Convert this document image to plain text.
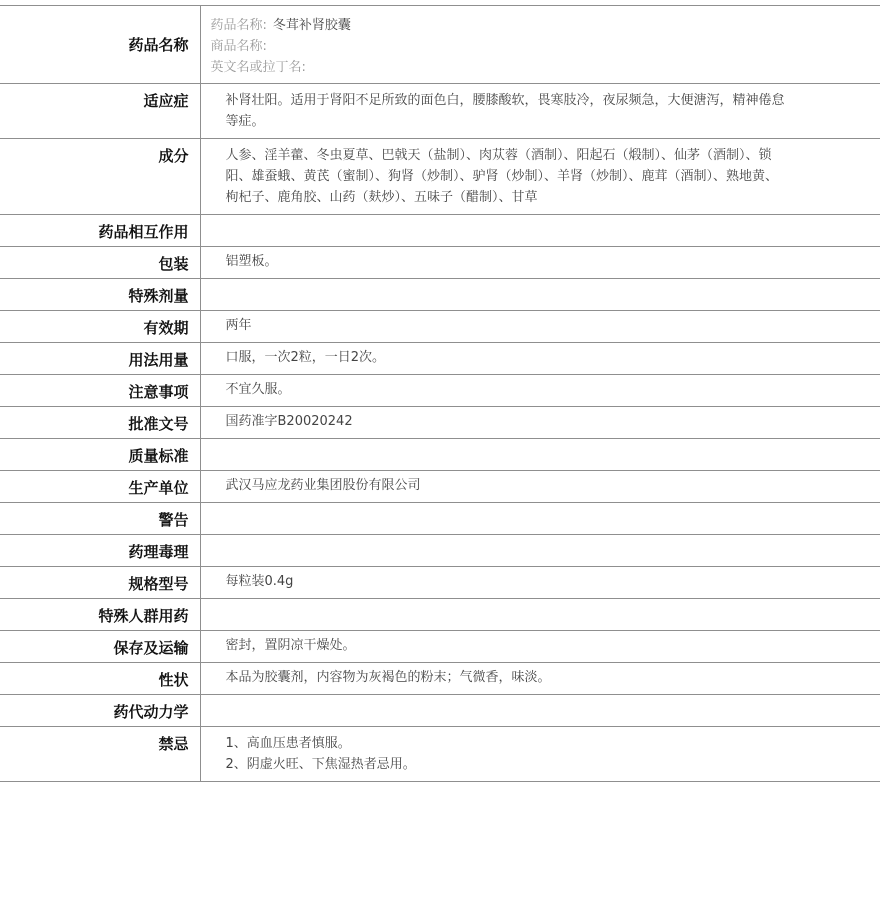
药品名称	药品名称: 冬茸补肾胶囊
商品名称:
英文名或拉丁名:

适应症	补肾壮阳。适用于肾阳不足所致的面色白，腰膝酸软，畏寒肢冷，夜尿频急，大便溏泻，精神倦怠等症。
成分	人参、淫羊藿、冬虫夏草、巴戟天（盐制）、肉苁蓉（酒制）、阳起石（煅制）、仙茅（酒制）、锁阳、雄蚕蛾、黄芪（蜜制）、狗肾（炒制）、驴肾（炒制）、羊肾（炒制）、鹿茸（酒制）、熟地黄、枸杞子、鹿角胶、山药（麸炒）、五味子（醋制）、甘草
药品相互作用	
包装	铝塑板。
特殊剂量	
有效期	两年
用法用量	口服，一次2粒，一日2次。
注意事项	不宜久服。
批准文号	国药准字B20020242
质量标准	
生产单位	武汉马应龙药业集团股份有限公司
警告	
药理毒理	
规格型号	每粒装0.4g
特殊人群用药	
保存及运输	密封，置阴凉干燥处。
性状	本品为胶囊剂，内容物为灰褐色的粉末；气微香，味淡。
药代动力学	
禁忌	1、高血压患者慎服。
2、阴虚火旺、下焦湿热者忌用。
